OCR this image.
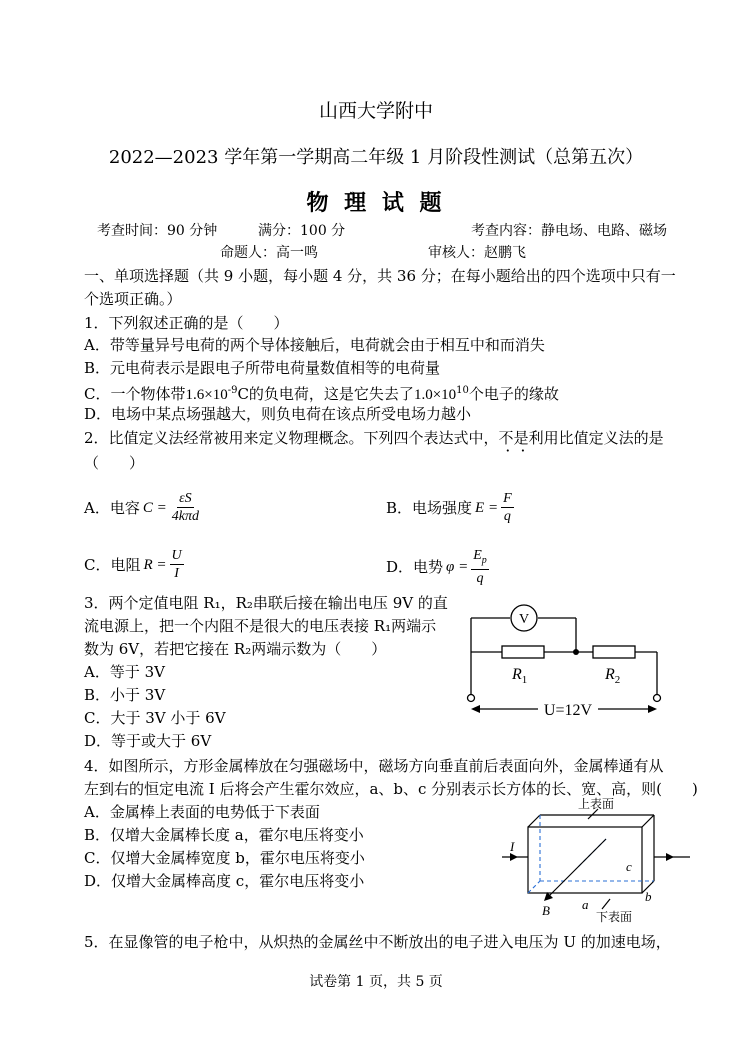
山西大学附中
2022—2023 学年第一学期高二年级 1 月阶段性测试（总第五次）
物 理 试 题
考查时间：90 分钟	满分：100 分	考查内容：静电场、电路、磁场
命题人：高一鸣	审核人：赵鹏飞
一、单项选择题（共 9 小题，每小题 4 分，共 36 分；在每小题给出的四个选项中只有一
个选项正确。）
1．下列叙述正确的是（　　）
A．带等量异号电荷的两个导体接触后，电荷就会由于相互中和而消失
B．元电荷表示是跟电子所带电荷量数值相等的电荷量
C．一个物体带$1.6\times 10^{-9}C$的负电荷，这是它失去了$1.0\times 10^{10}$个电子的缘故
D．电场中某点场强越大，则负电荷在该点所受电场力越小
2．比值定义法经常被用来定义物理概念。下列四个表达式中，不是利用比值定义法的是
（　　）
A．电容 $C = \frac{\varepsilon S}{\text{4kπd}}$	B．电场强度 $E = \frac{F}{q}$
C．电阻 $R = \frac{U}{I}$	D．电势 $\varphi = \frac{E_p}{q}$
3．两个定值电阻 R₁，R₂串联后接在输出电压 9V 的直
流电源上，把一个内阻不是很大的电压表接 R₁两端示
数为 6V，若把它接在 R₂两端示数为（　　）
A．等于 3V
B．小于 3V
C．大于 3V 小于 6V
D．等于或大于 6V
V
$R_1$	$R_2$
U=12V
4．如图所示，方形金属棒放在匀强磁场中，磁场方向垂直前后表面向外，金属棒通有从
左到右的恒定电流 I 后将会产生霍尔效应，a、b、c 分别表示长方体的长、宽、高，则(　　)
A．金属棒上表面的电势低于下表面
B．仅增大金属棒长度 a，霍尔电压将变小
C．仅增大金属棒宽度 b，霍尔电压将变小
D．仅增大金属棒高度 c，霍尔电压将变小
上表面
下表面
I
B a
b
c
5．在显像管的电子枪中，从炽热的金属丝中不断放出的电子进入电压为 U 的加速电场，
试卷第 1 页，共 5 页
